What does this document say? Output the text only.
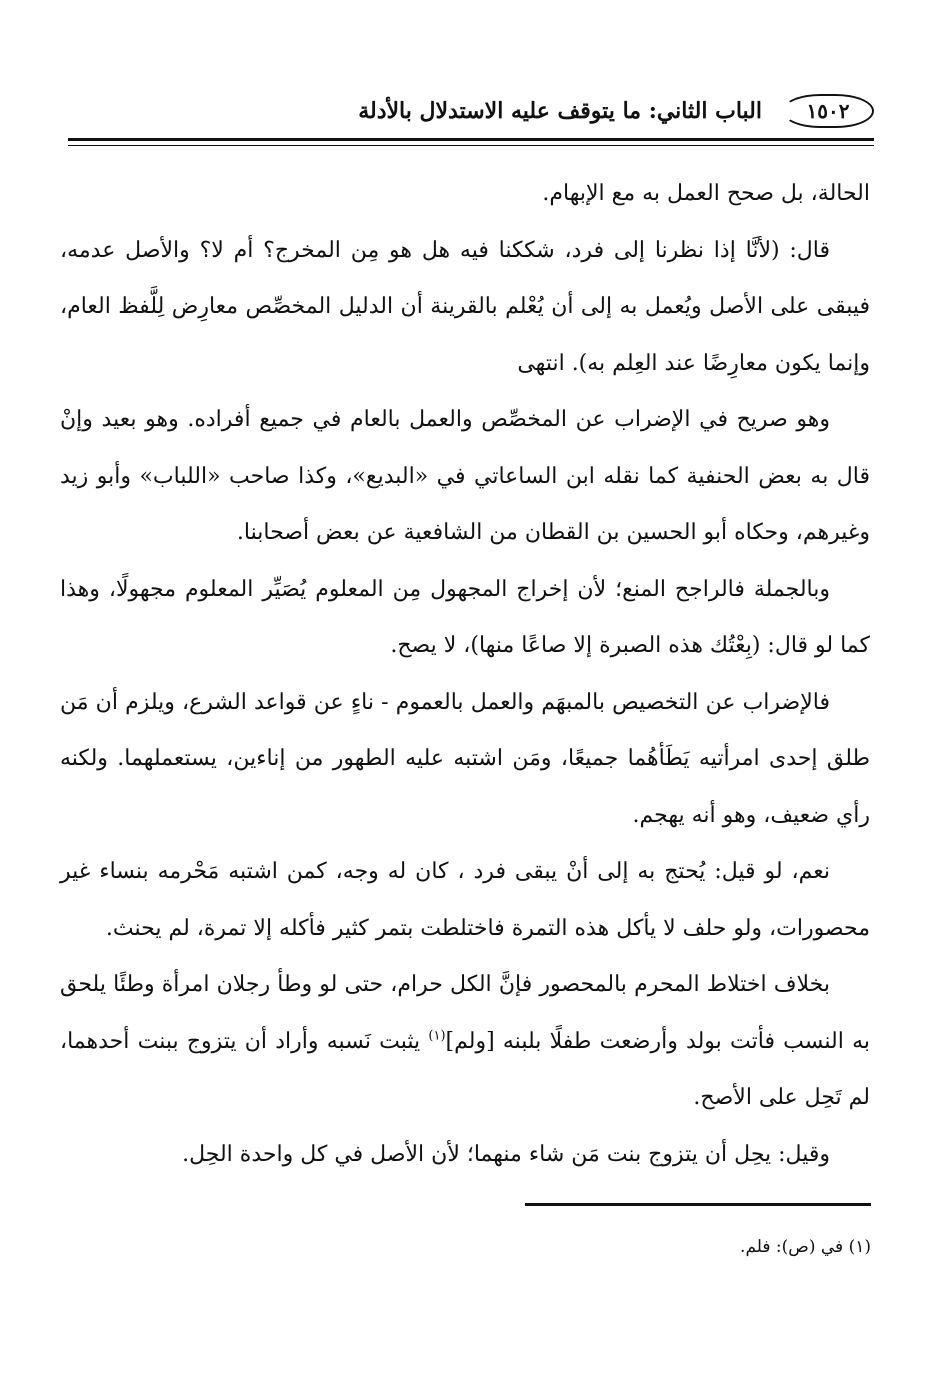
١٥٠٢
الباب الثاني: ما يتوقف عليه الاستدلال بالأدلة

الحالة، بل صحح العمل به مع الإبهام.

قال: (لأنَّا إذا نظرنا إلى فرد، شككنا فيه هل هو مِن المخرج؟ أم لا؟ والأصل عدمه، فيبقى على الأصل ويُعمل به إلى أن يُعْلم بالقرينة أن الدليل المخصِّص معارِض لِلَّفظ العام، وإنما يكون معارِضًا عند العِلم به). انتهى

وهو صريح في الإضراب عن المخصِّص والعمل بالعام في جميع أفراده. وهو بعيد وإنْ قال به بعض الحنفية كما نقله ابن الساعاتي في «البديع»، وكذا صاحب «اللباب» وأبو زيد وغيرهم، وحكاه أبو الحسين بن القطان من الشافعية عن بعض أصحابنا.

وبالجملة فالراجح المنع؛ لأن إخراج المجهول مِن المعلوم يُصَيِّر المعلوم مجهولًا، وهذا كما لو قال: (بِعْتُك هذه الصبرة إلا صاعًا منها)، لا يصح.

فالإضراب عن التخصيص بالمبهَم والعمل بالعموم - ناءٍ عن قواعد الشرع، ويلزم أن مَن طلق إحدى امرأتيه يَطَأهُما جميعًا، ومَن اشتبه عليه الطهور من إناءين، يستعملهما. ولكنه رأي ضعيف، وهو أنه يهجم.

نعم، لو قيل: يُحتج به إلى أنْ يبقى فرد ، كان له وجه، كمن اشتبه مَحْرمه بنساء غير محصورات، ولو حلف لا يأكل هذه التمرة فاختلطت بتمر كثير فأكله إلا تمرة، لم يحنث.

بخلاف اختلاط المحرم بالمحصور فإنَّ الكل حرام، حتى لو وطأ رجلان امرأة وطئًا يلحق به النسب فأتت بولد وأرضعت طفلًا بلبنه [ولم]$^{(١)}$ يثبت نَسبه وأراد أن يتزوج ببنت أحدهما، لم تَحِل على الأصح.

وقيل: يحِل أن يتزوج بنت مَن شاء منهما؛ لأن الأصل في كل واحدة الحِل.

(١) في (ص): فلم.
